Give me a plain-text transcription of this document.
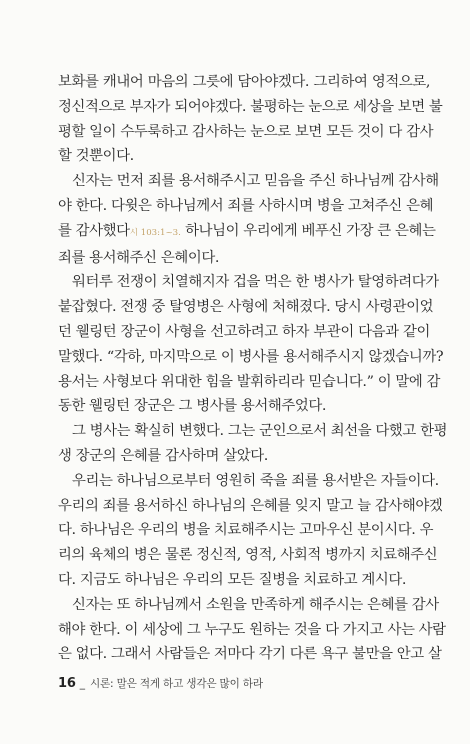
보화를 캐내어 마음의 그릇에 담아야겠다. 그리하여 영적으로,
정신적으로 부자가 되어야겠다. 불평하는 눈으로 세상을 보면 불
평할 일이 수두룩하고 감사하는 눈으로 보면 모든 것이 다 감사
할 것뿐이다.

신자는 먼저 죄를 용서해주시고 믿음을 주신 하나님께 감사해
야 한다. 다윗은 하나님께서 죄를 사하시며 병을 고쳐주신 은혜
를 감사했다시 103:1~3. 하나님이 우리에게 베푸신 가장 큰 은혜는
죄를 용서해주신 은혜이다.

워터루 전쟁이 치열해지자 겁을 먹은 한 병사가 탈영하려다가
붙잡혔다. 전쟁 중 탈영병은 사형에 처해졌다. 당시 사령관이었
던 웰링턴 장군이 사형을 선고하려고 하자 부관이 다음과 같이
말했다. “각하, 마지막으로 이 병사를 용서해주시지 않겠습니까?
용서는 사형보다 위대한 힘을 발휘하리라 믿습니다.” 이 말에 감
동한 웰링턴 장군은 그 병사를 용서해주었다.

그 병사는 확실히 변했다. 그는 군인으로서 최선을 다했고 한평
생 장군의 은혜를 감사하며 살았다.

우리는 하나님으로부터 영원히 죽을 죄를 용서받은 자들이다.
우리의 죄를 용서하신 하나님의 은혜를 잊지 말고 늘 감사해야겠
다. 하나님은 우리의 병을 치료해주시는 고마우신 분이시다. 우
리의 육체의 병은 물론 정신적, 영적, 사회적 병까지 치료해주신
다. 지금도 하나님은 우리의 모든 질병을 치료하고 계시다.

신자는 또 하나님께서 소원을 만족하게 해주시는 은혜를 감사
해야 한다. 이 세상에 그 누구도 원하는 것을 다 가지고 사는 사람
은 없다. 그래서 사람들은 저마다 각기 다른 욕구 불만을 안고 살

16 _ 시론: 말은 적게 하고 생각은 많이 하라
